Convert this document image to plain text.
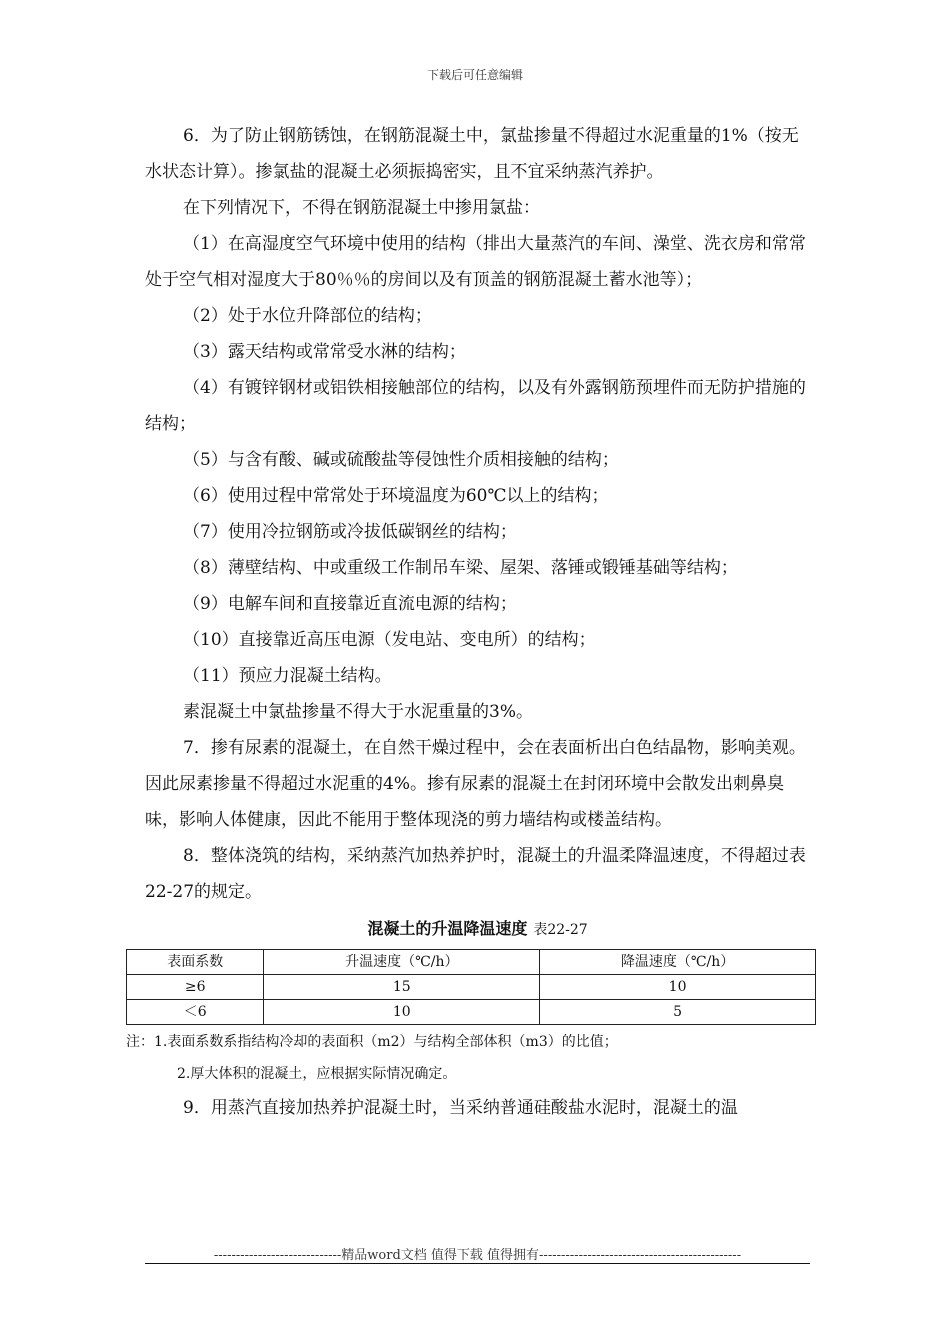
下载后可任意编辑

6．为了防止钢筋锈蚀，在钢筋混凝土中，氯盐掺量不得超过水泥重量的1%（按无水状态计算）。掺氯盐的混凝土必须振捣密实，且不宜采纳蒸汽养护。

在下列情况下，不得在钢筋混凝土中掺用氯盐：

（1）在高湿度空气环境中使用的结构（排出大量蒸汽的车间、澡堂、洗衣房和常常处于空气相对湿度大于80％％的房间以及有顶盖的钢筋混凝土蓄水池等）；

（2）处于水位升降部位的结构；

（3）露天结构或常常受水淋的结构；

（4）有镀锌钢材或铝铁相接触部位的结构，以及有外露钢筋预埋件而无防护措施的结构；

（5）与含有酸、碱或硫酸盐等侵蚀性介质相接触的结构；

（6）使用过程中常常处于环境温度为60℃以上的结构；

（7）使用冷拉钢筋或冷拔低碳钢丝的结构；

（8）薄壁结构、中或重级工作制吊车梁、屋架、落锤或锻锤基础等结构；

（9）电解车间和直接靠近直流电源的结构；

（10）直接靠近高压电源（发电站、变电所）的结构；

（11）预应力混凝土结构。

素混凝土中氯盐掺量不得大于水泥重量的3%。

7．掺有尿素的混凝土，在自然干燥过程中，会在表面析出白色结晶物，影响美观。因此尿素掺量不得超过水泥重的4%。掺有尿素的混凝土在封闭环境中会散发出刺鼻臭味，影响人体健康，因此不能用于整体现浇的剪力墙结构或楼盖结构。

8．整体浇筑的结构，采纳蒸汽加热养护时，混凝土的升温柔降温速度，不得超过表22-27的规定。

混凝土的升温降温速度 表22-27
表面系数	升温速度（℃/h）	降温速度（℃/h）
≥6	15	10
＜6	10	5

注：1.表面系数系指结构冷却的表面积（m2）与结构全部体积（m3）的比值；

2.厚大体积的混凝土，应根据实际情况确定。

9．用蒸汽直接加热养护混凝土时，当采纳普通硅酸盐水泥时，混凝土的温

-----------------------------精品word文档 值得下载 值得拥有----------------------------------------------
